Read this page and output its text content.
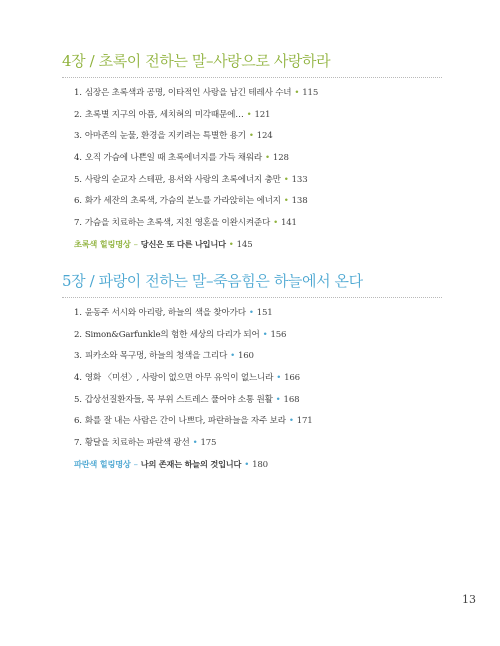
4장 / 초록이 전하는 말–사랑으로 사랑하라
1. 심장은 초록색과 공명, 이타적인 사랑을 남긴 테레사 수녀 • 115
2. 초록별 지구의 아픔, 세치혀의 미각때문에… • 121
3. 아마존의 눈물, 환경을 지키려는 특별한 용기 • 124
4. 오직 가슴에 나쁜일 때 초록에너지를 가득 채워라 • 128
5. 사랑의 순교자 스테판, 용서와 사랑의 초록에너지 충만 • 133
6. 화가 세잔의 초록색, 가슴의 분노를 가라앉히는 에너지 • 138
7. 가슴을 치료하는 초록색, 지친 영혼을 이완시켜준다 • 141
초록색 힐링명상 – 당신은 또 다른 나입니다 • 145
5장 / 파랑이 전하는 말–죽음힘은 하늘에서 온다
1. 윤동주 서시와 아리랑, 하늘의 색을 찾아가다 • 151
2. Simon&Garfunkle의 험한 세상의 다리가 되어 • 156
3. 피카소와 목구멍, 하늘의 청색을 그리다 • 160
4. 영화 〈미션〉, 사랑이 없으면 아무 유익이 없느니라 • 166
5. 갑상선질환자들, 목 부위 스트레스 풀어야 소통 원활 • 168
6. 화를 잘 내는 사람은 간이 나쁘다, 파란하늘을 자주 보라 • 171
7. 황달을 치료하는 파란색 광선 • 175
파란색 힐링명상 – 나의 존재는 하늘의 것입니다 • 180
13
